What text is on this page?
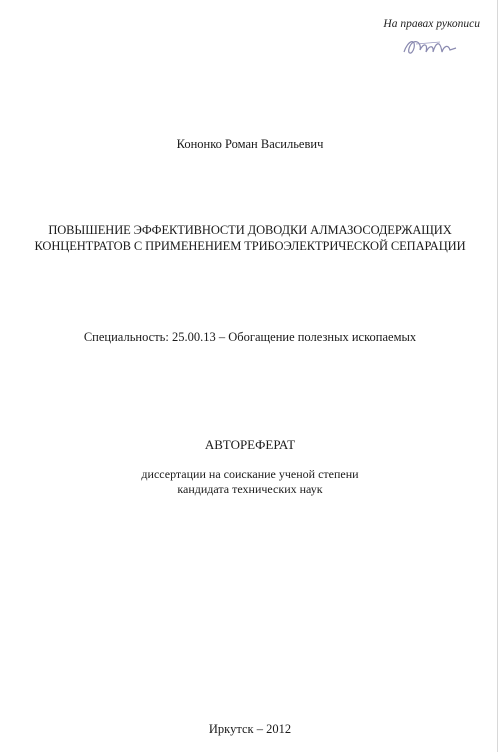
На правах рукописи
Кононко Роман Васильевич
ПОВЫШЕНИЕ ЭФФЕКТИВНОСТИ ДОВОДКИ АЛМАЗОСОДЕРЖАЩИХ
КОНЦЕНТРАТОВ С ПРИМЕНЕНИЕМ ТРИБОЭЛЕКТРИЧЕСКОЙ СЕПАРАЦИИ
Специальность: 25.00.13 – Обогащение полезных ископаемых
АВТОРЕФЕРАТ
диссертации на соискание ученой степени
кандидата технических наук
Иркутск – 2012
